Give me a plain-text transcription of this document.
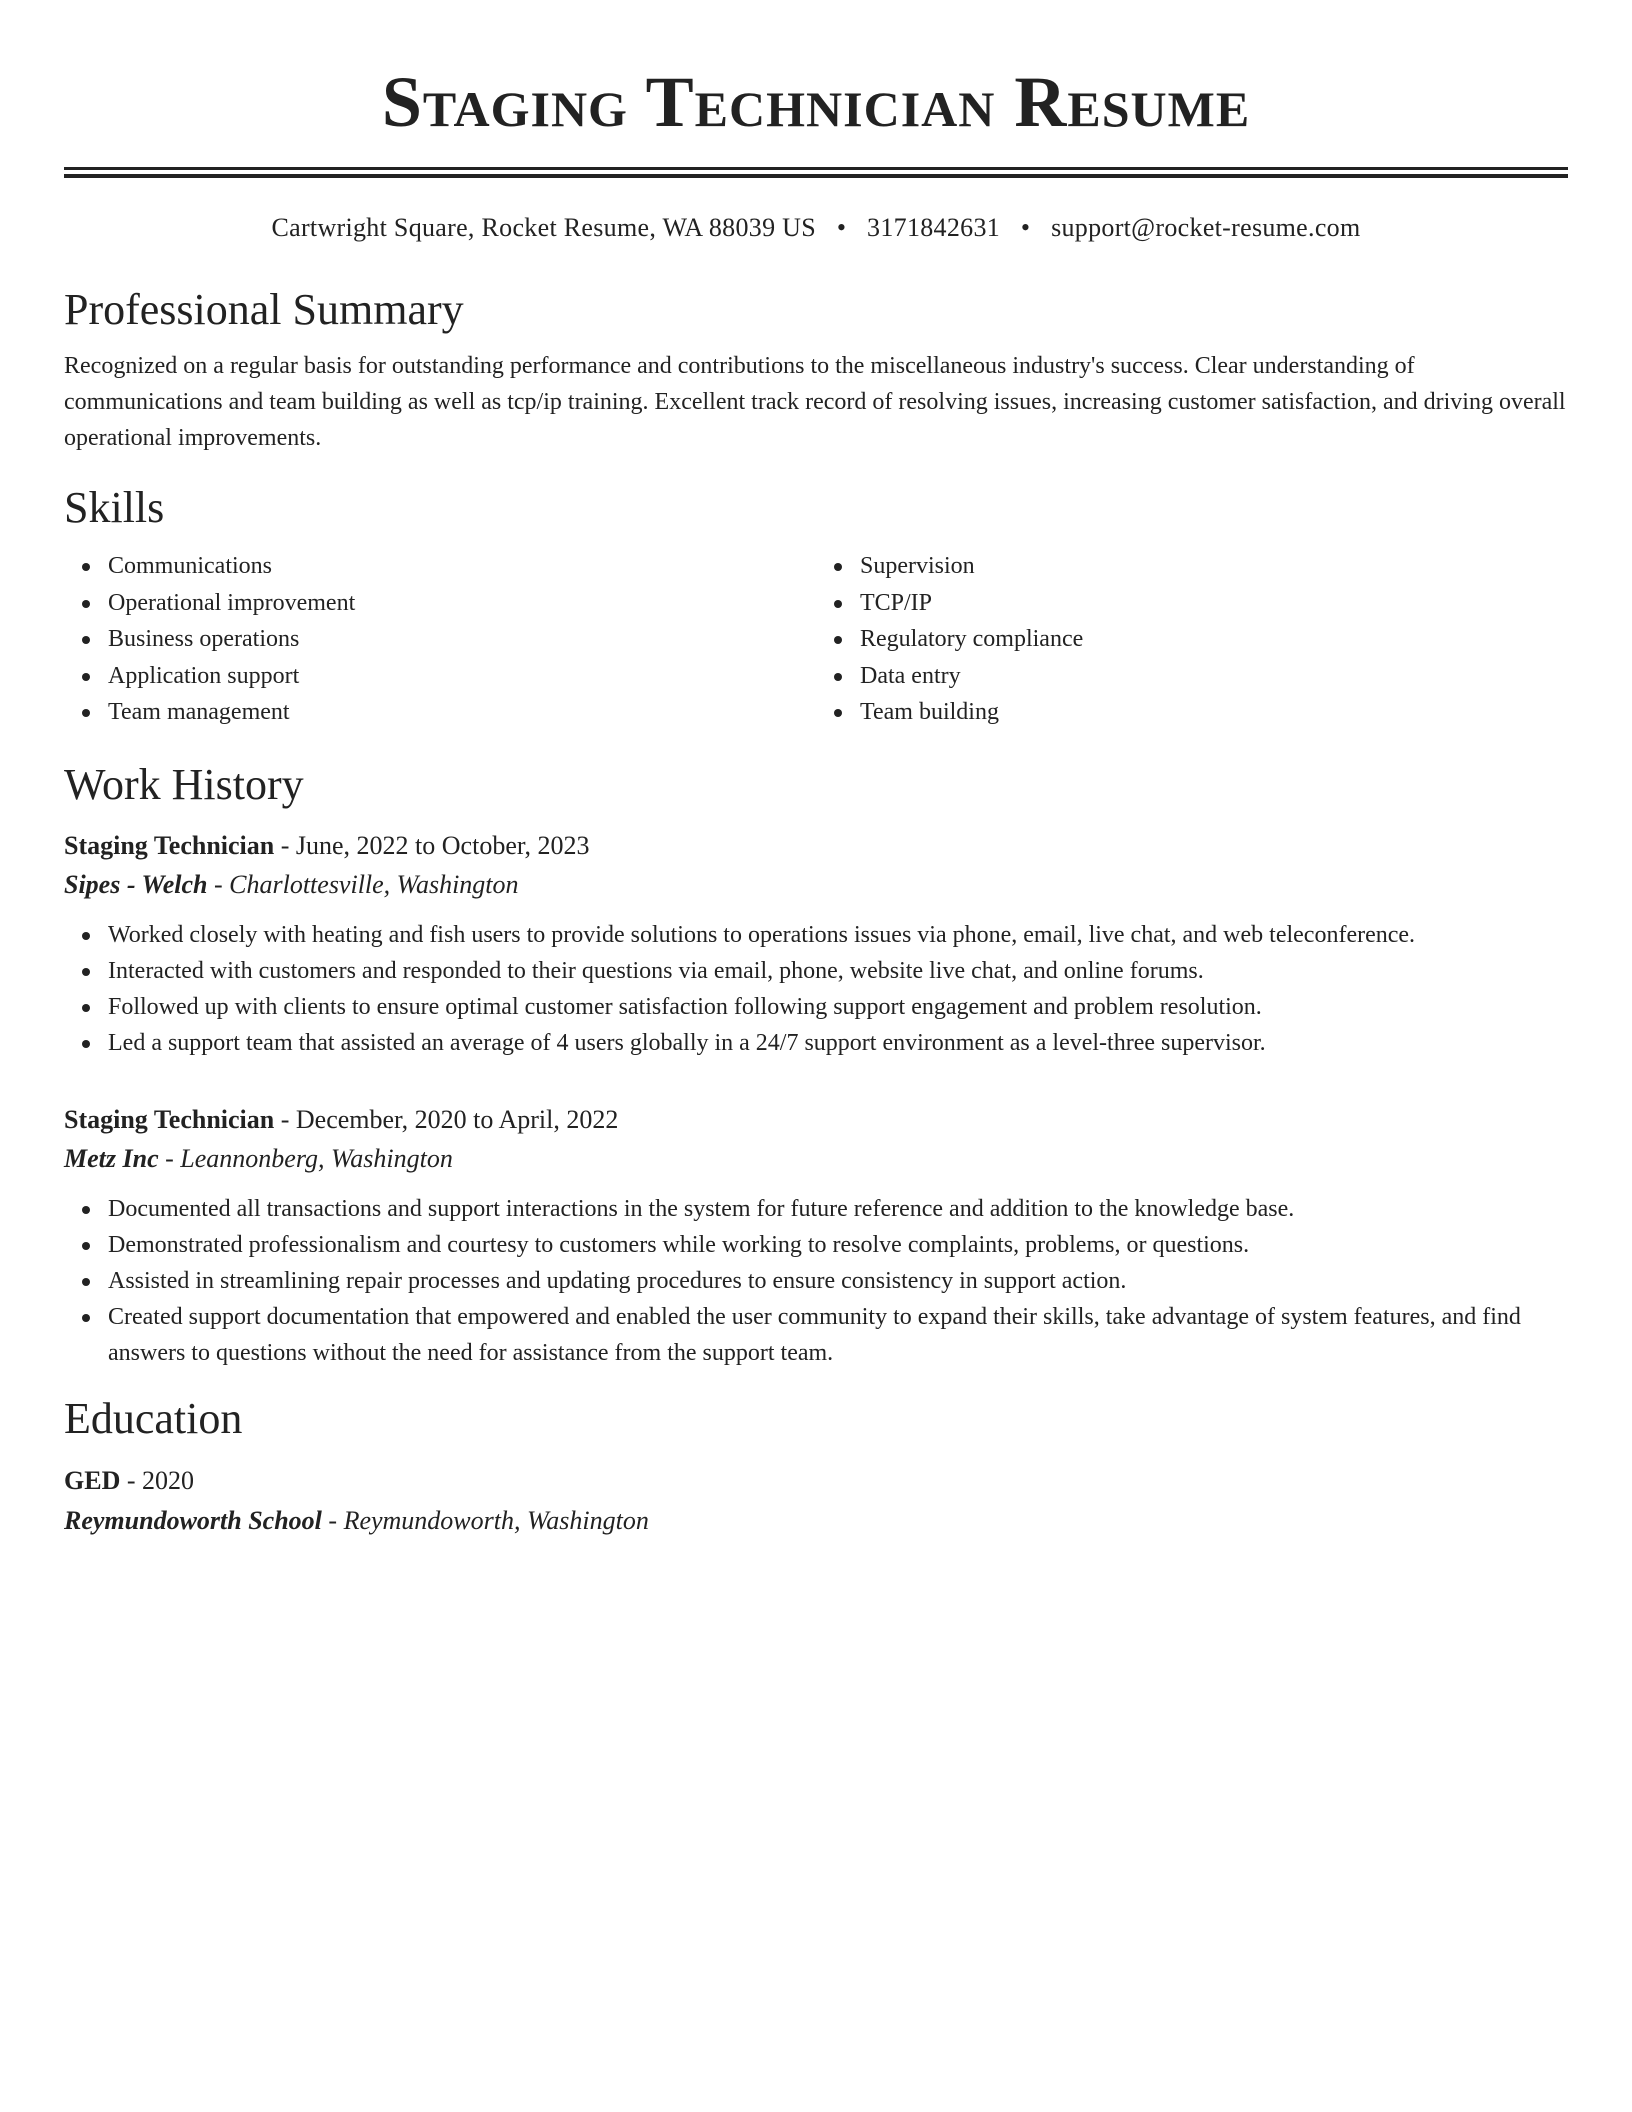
Staging Technician Resume
Cartwright Square, Rocket Resume, WA 88039 US • 3171842631 • support@rocket-resume.com
Professional Summary

Recognized on a regular basis for outstanding performance and contributions to the miscellaneous industry's success. Clear understanding of communications and team building as well as tcp/ip training. Excellent track record of resolving issues, increasing customer satisfaction, and driving overall operational improvements.

Skills
Communications
Operational improvement
Business operations
Application support
Team management
Supervision
TCP/IP
Regulatory compliance
Data entry
Team building
Work History
Staging Technician - June, 2022 to October, 2023
Sipes - Welch - Charlottesville, Washington
Worked closely with heating and fish users to provide solutions to operations issues via phone, email, live chat, and web teleconference.
Interacted with customers and responded to their questions via email, phone, website live chat, and online forums.
Followed up with clients to ensure optimal customer satisfaction following support engagement and problem resolution.
Led a support team that assisted an average of 4 users globally in a 24/7 support environment as a level-three supervisor.
Staging Technician - December, 2020 to April, 2022
Metz Inc - Leannonberg, Washington
Documented all transactions and support interactions in the system for future reference and addition to the knowledge base.
Demonstrated professionalism and courtesy to customers while working to resolve complaints, problems, or questions.
Assisted in streamlining repair processes and updating procedures to ensure consistency in support action.
Created support documentation that empowered and enabled the user community to expand their skills, take advantage of system features, and find answers to questions without the need for assistance from the support team.
Education
GED - 2020
Reymundoworth School - Reymundoworth, Washington
